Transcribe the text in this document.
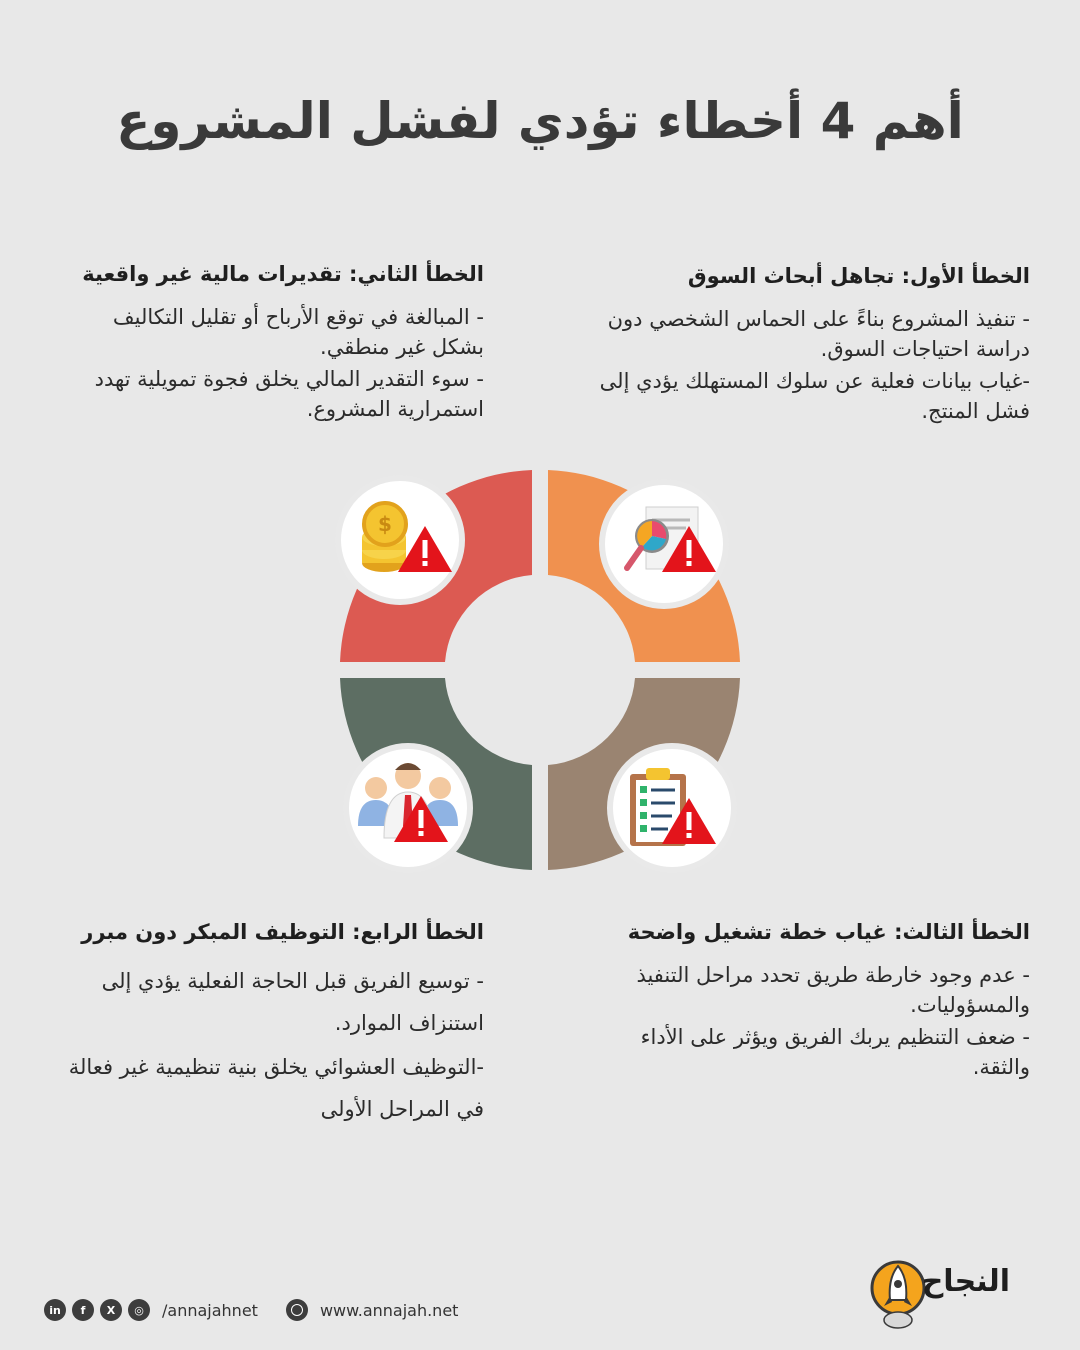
أهم 4 أخطاء تؤدي لفشل المشروع
الخطأ الأول: تجاهل أبحاث السوق

- تنفيذ المشروع بناءً على الحماس الشخصي دون دراسة احتياجات السوق.

-غياب بيانات فعلية عن سلوك المستهلك يؤدي إلى فشل المنتج.

الخطأ الثاني: تقديرات مالية غير واقعية

- المبالغة في توقع الأرباح أو تقليل التكاليف بشكل غير منطقي.

- سوء التقدير المالي يخلق فجوة تمويلية تهدد استمرارية المشروع.

الخطأ الثالث: غياب خطة تشغيل واضحة

- عدم وجود خارطة طريق تحدد مراحل التنفيذ والمسؤوليات.

- ضعف التنظيم يربك الفريق ويؤثر على الأداء والثقة.

الخطأ الرابع: التوظيف المبكر دون مبرر

- توسيع الفريق قبل الحاجة الفعلية يؤدي إلى استنزاف الموارد.

-التوظيف العشوائي يخلق بنية تنظيمية غير فعالة في المراحل الأولى

$
in	f	X	◎	/annajahnet	www.annajah.net
النجاح
